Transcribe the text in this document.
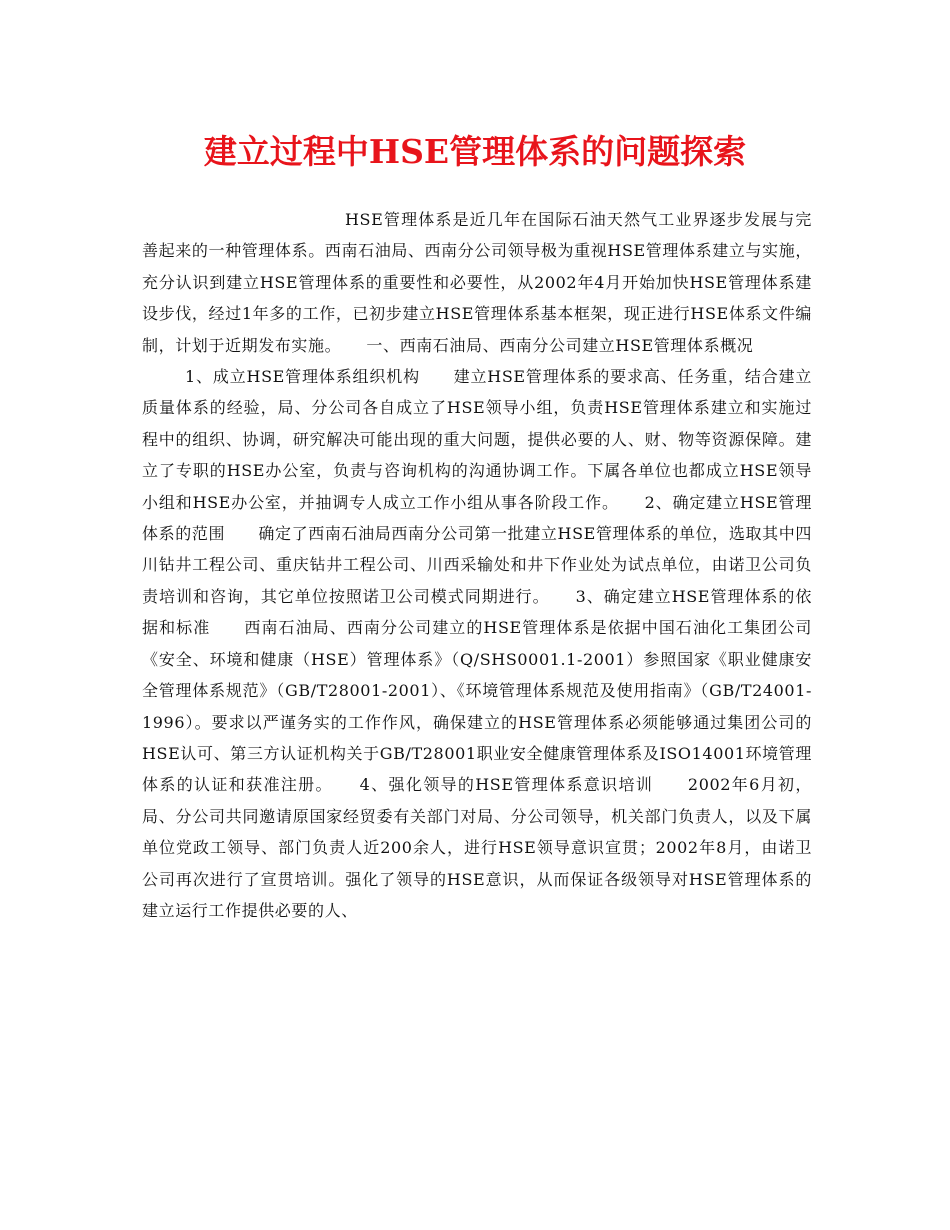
建立过程中HSE管理体系的问题探索

HSE管理体系是近几年在国际石油天然气工业界逐步发展与完善起来的一种管理体系。西南石油局、西南分公司领导极为重视HSE管理体系建立与实施，充分认识到建立HSE管理体系的重要性和必要性，从2002年4月开始加快HSE管理体系建设步伐，经过1年多的工作，已初步建立HSE管理体系基本框架，现正进行HSE体系文件编制，计划于近期发布实施。　　一、西南石油局、西南分公司建立HSE管理体系概况

1、成立HSE管理体系组织机构　　建立HSE管理体系的要求高、任务重，结合建立质量体系的经验，局、分公司各自成立了HSE领导小组，负责HSE管理体系建立和实施过程中的组织、协调，研究解决可能出现的重大问题，提供必要的人、财、物等资源保障。建立了专职的HSE办公室，负责与咨询机构的沟通协调工作。下属各单位也都成立HSE领导小组和HSE办公室，并抽调专人成立工作小组从事各阶段工作。　　2、确定建立HSE管理体系的范围　　确定了西南石油局西南分公司第一批建立HSE管理体系的单位，选取其中四川钻井工程公司、重庆钻井工程公司、川西采输处和井下作业处为试点单位，由诺卫公司负责培训和咨询，其它单位按照诺卫公司模式同期进行。　　3、确定建立HSE管理体系的依据和标准　　西南石油局、西南分公司建立的HSE管理体系是依据中国石油化工集团公司《安全、环境和健康（HSE）管理体系》（Q/SHS0001.1-2001）参照国家《职业健康安全管理体系规范》（GB/T28001-2001）、《环境管理体系规范及使用指南》（GB/T24001-1996）。要求以严谨务实的工作作风，确保建立的HSE管理体系必须能够通过集团公司的HSE认可、第三方认证机构关于GB/T28001职业安全健康管理体系及ISO14001环境管理体系的认证和获准注册。　　4、强化领导的HSE管理体系意识培训　　2002年6月初，局、分公司共同邀请原国家经贸委有关部门对局、分公司领导，机关部门负责人，以及下属单位党政工领导、部门负责人近200余人，进行HSE领导意识宣贯；2002年8月，由诺卫公司再次进行了宣贯培训。强化了领导的HSE意识，从而保证各级领导对HSE管理体系的建立运行工作提供必要的人、
